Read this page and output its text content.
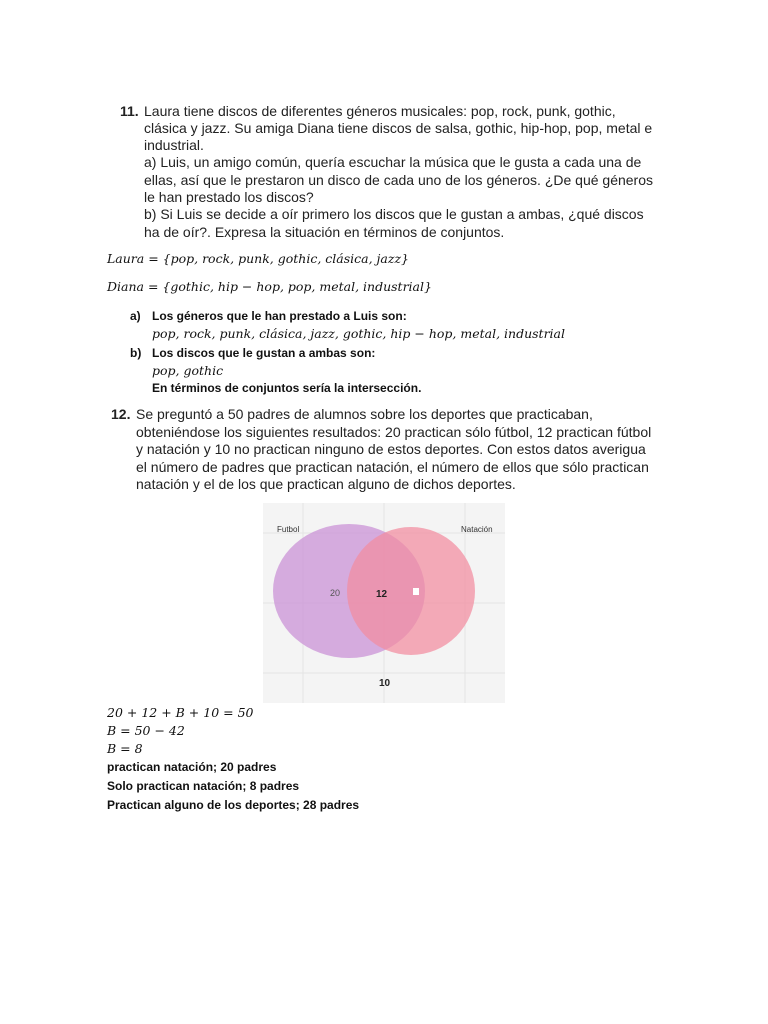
11. Laura tiene discos de diferentes géneros musicales: pop, rock, punk, gothic,
clásica y jazz. Su amiga Diana tiene discos de salsa, gothic, hip-hop, pop, metal e
industrial.
a) Luis, un amigo común, quería escuchar la música que le gusta a cada una de
ellas, así que le prestaron un disco de cada uno de los géneros. ¿De qué géneros
le han prestado los discos?
b) Si Luis se decide a oír primero los discos que le gustan a ambas, ¿qué discos
ha de oír?. Expresa la situación en términos de conjuntos.
Laura = {pop, rock, punk, gothic, clásica, jazz}
Diana = {gothic, hip − hop, pop, metal, industrial}
a) Los géneros que le han prestado a Luis son:
pop, rock, punk, clásica, jazz, gothic, hip − hop, metal, industrial
b) Los discos que le gustan a ambas son:
pop, gothic
En términos de conjuntos sería la intersección.
12. Se preguntó a 50 padres de alumnos sobre los deportes que practicaban,
obteniéndose los siguientes resultados: 20 practican sólo fútbol, 12 practican fútbol
y natación y 10 no practican ninguno de estos deportes. Con estos datos averigua
el número de padres que practican natación, el número de ellos que sólo practican
natación y el de los que practican alguno de dichos deportes.
Futbol	Natación
20	12
10
20 + 12 + B + 10 = 50
B = 50 − 42
B = 8
practican natación; 20 padres
Solo practican natación; 8 padres
Practican alguno de los deportes; 28 padres
